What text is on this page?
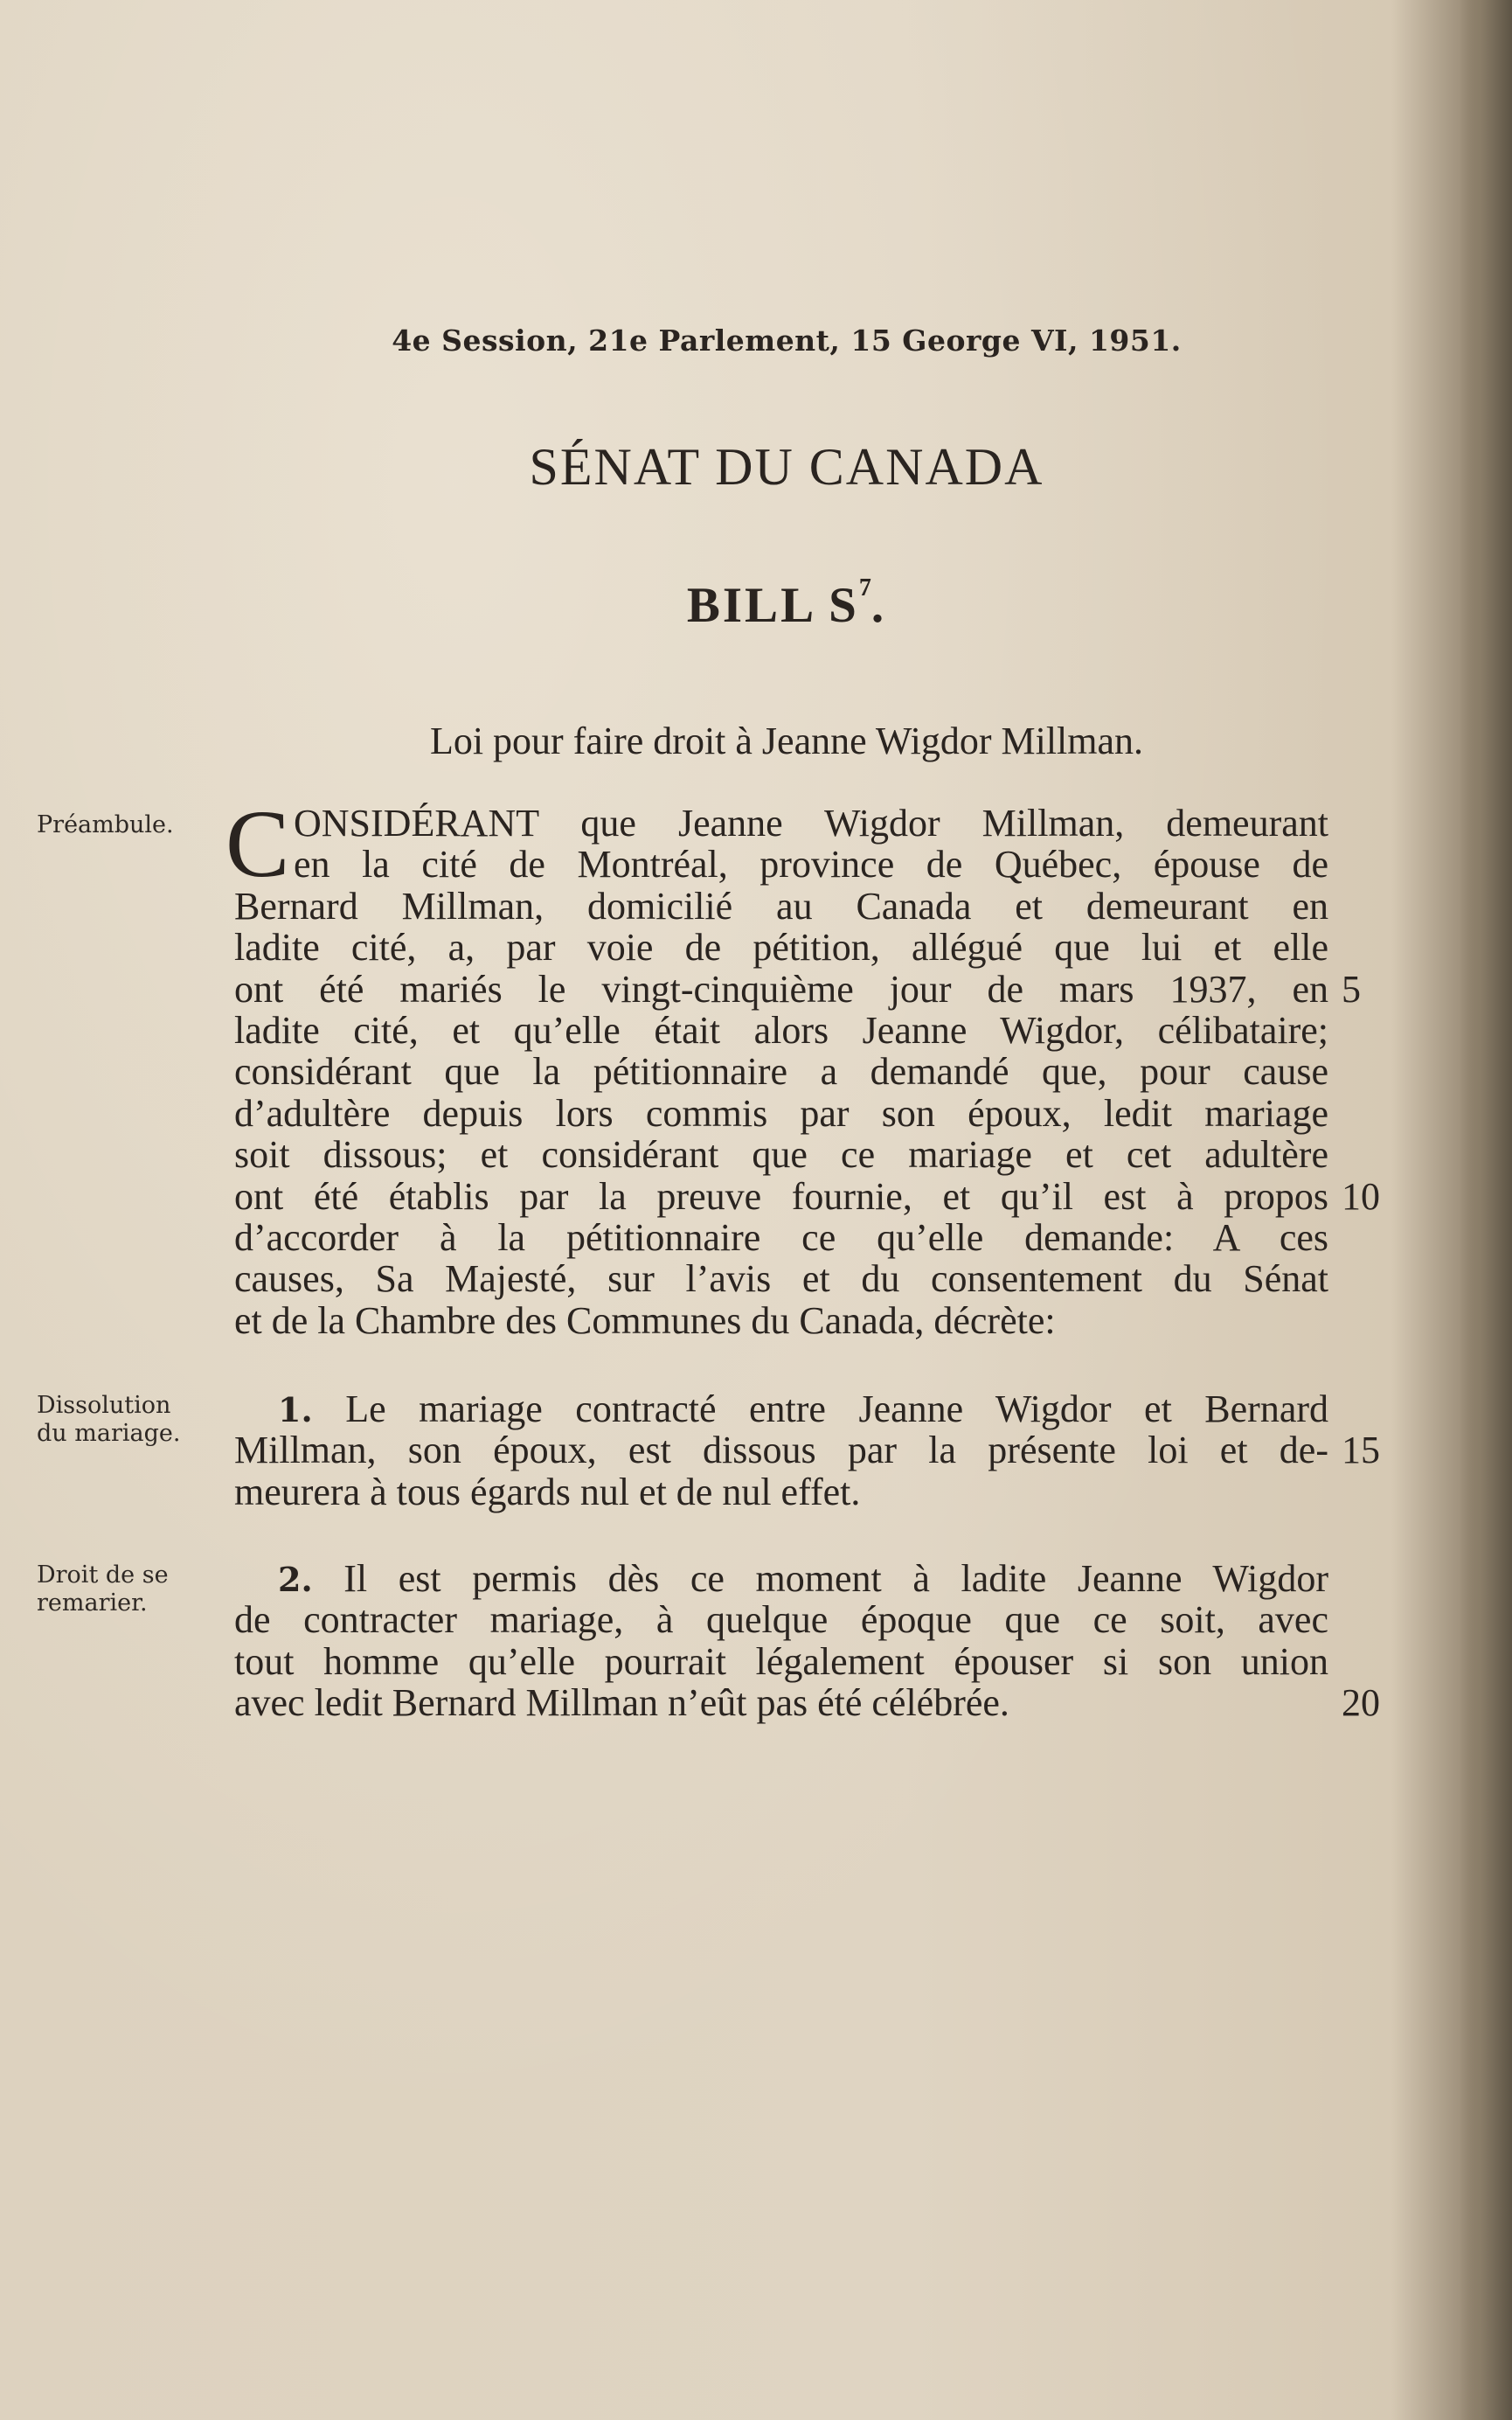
4e Session, 21e Parlement, 15 George VI, 1951.
SÉNAT DU CANADA
BILL $S^7$.
Loi pour faire droit à Jeanne Wigdor Millman.
Préambule.
Dissolution
du mariage.
Droit de se
remarier.
C ONSIDÉRANT que Jeanne Wigdor Millman, demeurant
en la cité de Montréal, province de Québec, épouse de
Bernard Millman, domicilié au Canada et demeurant en
ladite cité, a, par voie de pétition, allégué que lui et elle
ont été mariés le vingt-cinquième jour de mars 1937, en
ladite cité, et qu’elle était alors Jeanne Wigdor, célibataire;
considérant que la pétitionnaire a demandé que, pour cause
d’adultère depuis lors commis par son époux, ledit mariage
soit dissous; et considérant que ce mariage et cet adultère
ont été établis par la preuve fournie, et qu’il est à propos
d’accorder à la pétitionnaire ce qu’elle demande: A ces
causes, Sa Majesté, sur l’avis et du consentement du Sénat
et de la Chambre des Communes du Canada, décrète:
1. Le mariage contracté entre Jeanne Wigdor et Bernard
Millman, son époux, est dissous par la présente loi et de-
meurera à tous égards nul et de nul effet.
2. Il est permis dès ce moment à ladite Jeanne Wigdor
de contracter mariage, à quelque époque que ce soit, avec
tout homme qu’elle pourrait légalement épouser si son union
avec ledit Bernard Millman n’eût pas été célébrée.
5
10
15
20
